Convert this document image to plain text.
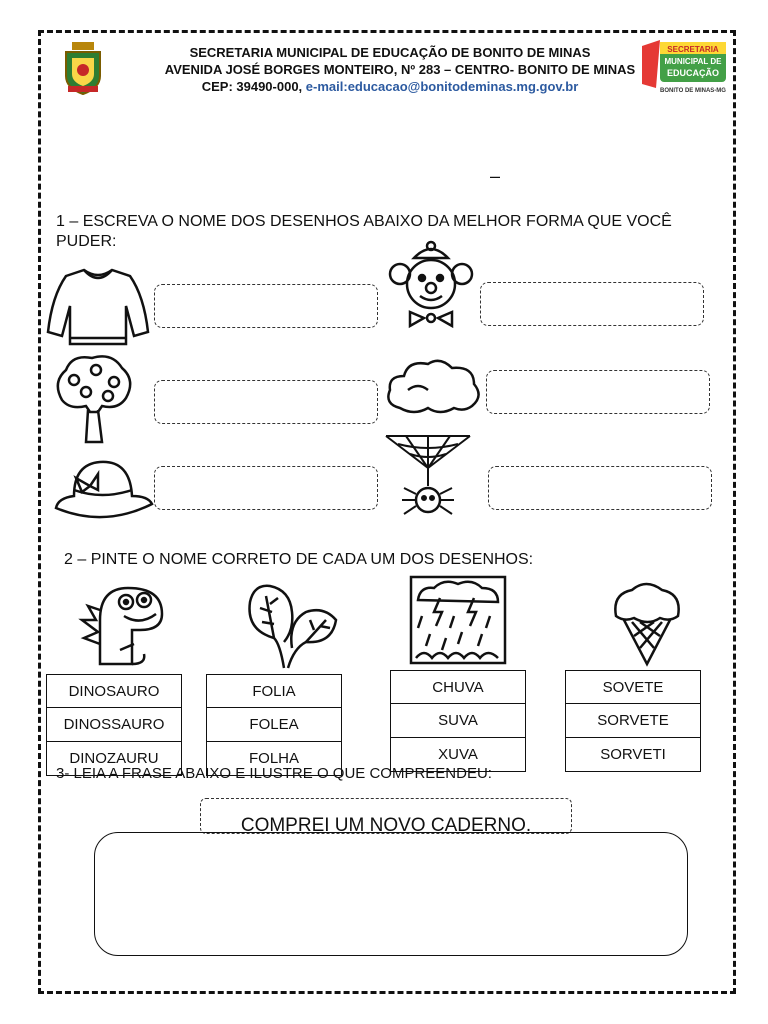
SECRETARIA MUNICIPAL DE EDUCAÇÃO DE BONITO DE MINAS
AVENIDA JOSÉ BORGES MONTEIRO, Nº 283 – CENTRO- BONITO DE MINAS
CEP: 39490-000, e-mail:educacao@bonitodeminas.mg.gov.br
SECRETARIA
MUNICIPAL DE
EDUCAÇÃO
BONITO DE MINAS-MG
–
1 – ESCREVA O NOME DOS DESENHOS ABAIXO DA MELHOR FORMA QUE VOCÊ PUDER:
2 – PINTE O NOME CORRETO DE CADA UM DOS DESENHOS:
DINOSAURO
DINOSSAURO
DINOZAURU
FOLIA
FOLEA
FOLHA
CHUVA
SUVA
XUVA
SOVETE
SORVETE
SORVETI
3- LEIA A FRASE ABAIXO E ILUSTRE O QUE COMPREENDEU:
COMPREI UM NOVO CADERNO.
